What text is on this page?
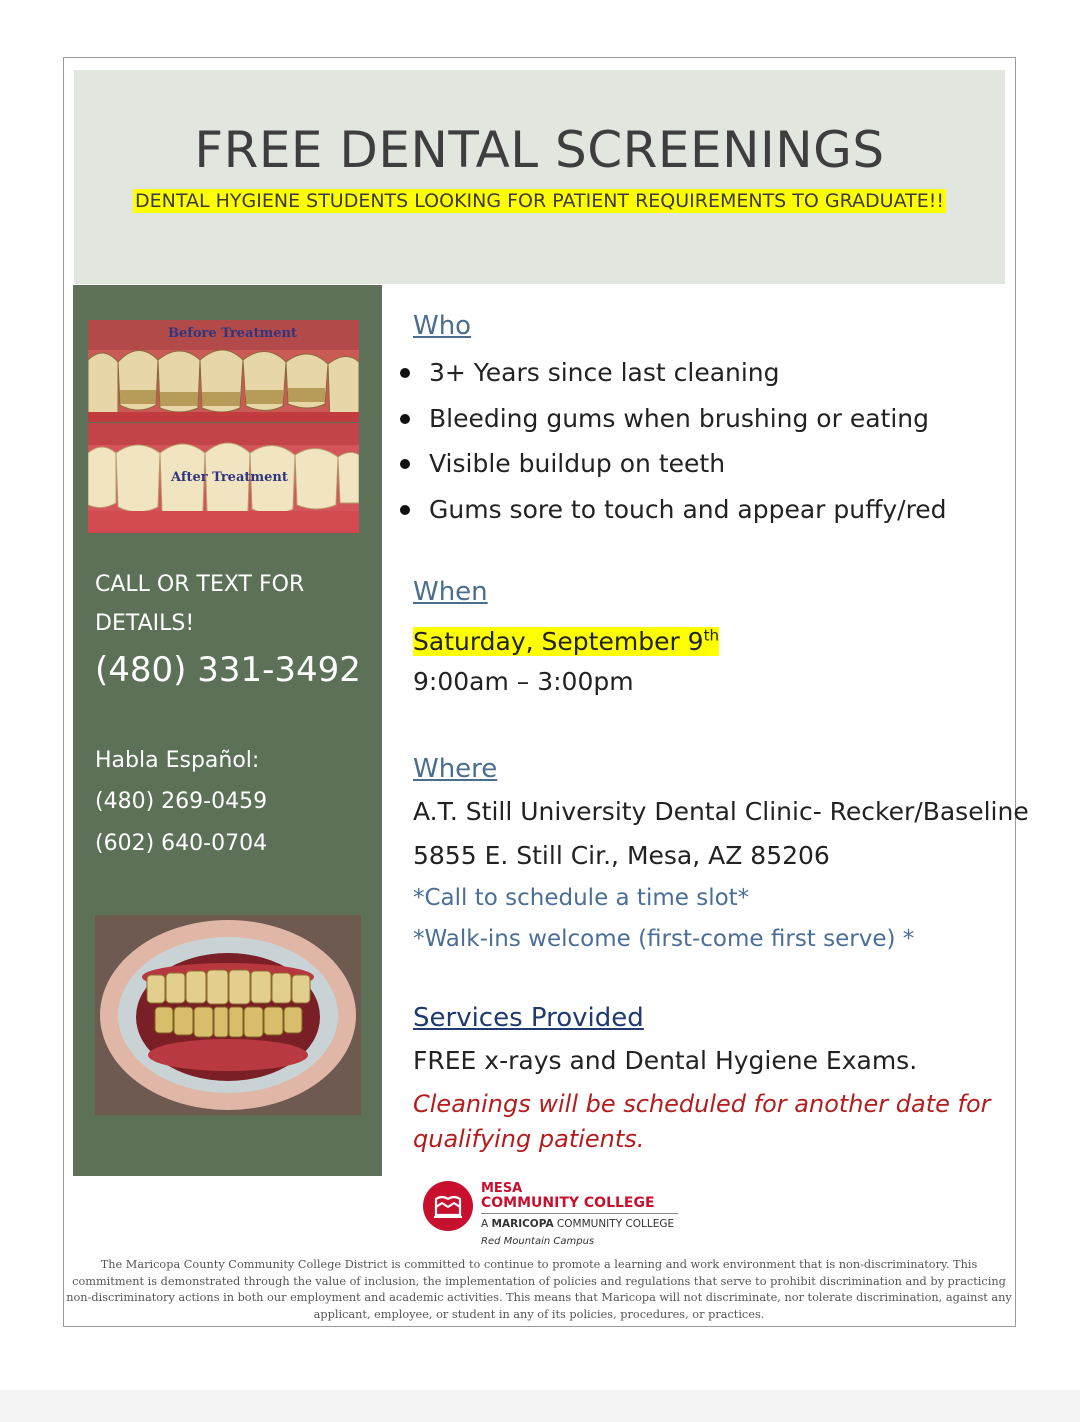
FREE DENTAL SCREENINGS
DENTAL HYGIENE STUDENTS LOOKING FOR PATIENT REQUIREMENTS TO GRADUATE!!
Before Treatment
After Treatment
CALL OR TEXT FOR
DETAILS!
(480) 331-3492
Habla Español:
(480) 269-0459
(602) 640-0704
Who
3+ Years since last cleaning
Bleeding gums when brushing or eating
Visible buildup on teeth
Gums sore to touch and appear puffy/red
When
Saturday, September 9th
9:00am – 3:00pm
Where
A.T. Still University Dental Clinic- Recker/Baseline
5855 E. Still Cir., Mesa, AZ 85206
*Call to schedule a time slot*
*Walk-ins welcome (first-come first serve) *
Services Provided
FREE x-rays and Dental Hygiene Exams.
Cleanings will be scheduled for another date for
qualifying patients.
MESA
COMMUNITY COLLEGE
A MARICOPA COMMUNITY COLLEGE
Red Mountain Campus
The Maricopa County Community College District is committed to continue to promote a learning and work environment that is non-discriminatory. This commitment is demonstrated through the value of inclusion, the implementation of policies and regulations that serve to prohibit discrimination and by practicing non-discriminatory actions in both our employment and academic activities. This means that Maricopa will not discriminate, nor tolerate discrimination, against any applicant, employee, or student in any of its policies, procedures, or practices.
